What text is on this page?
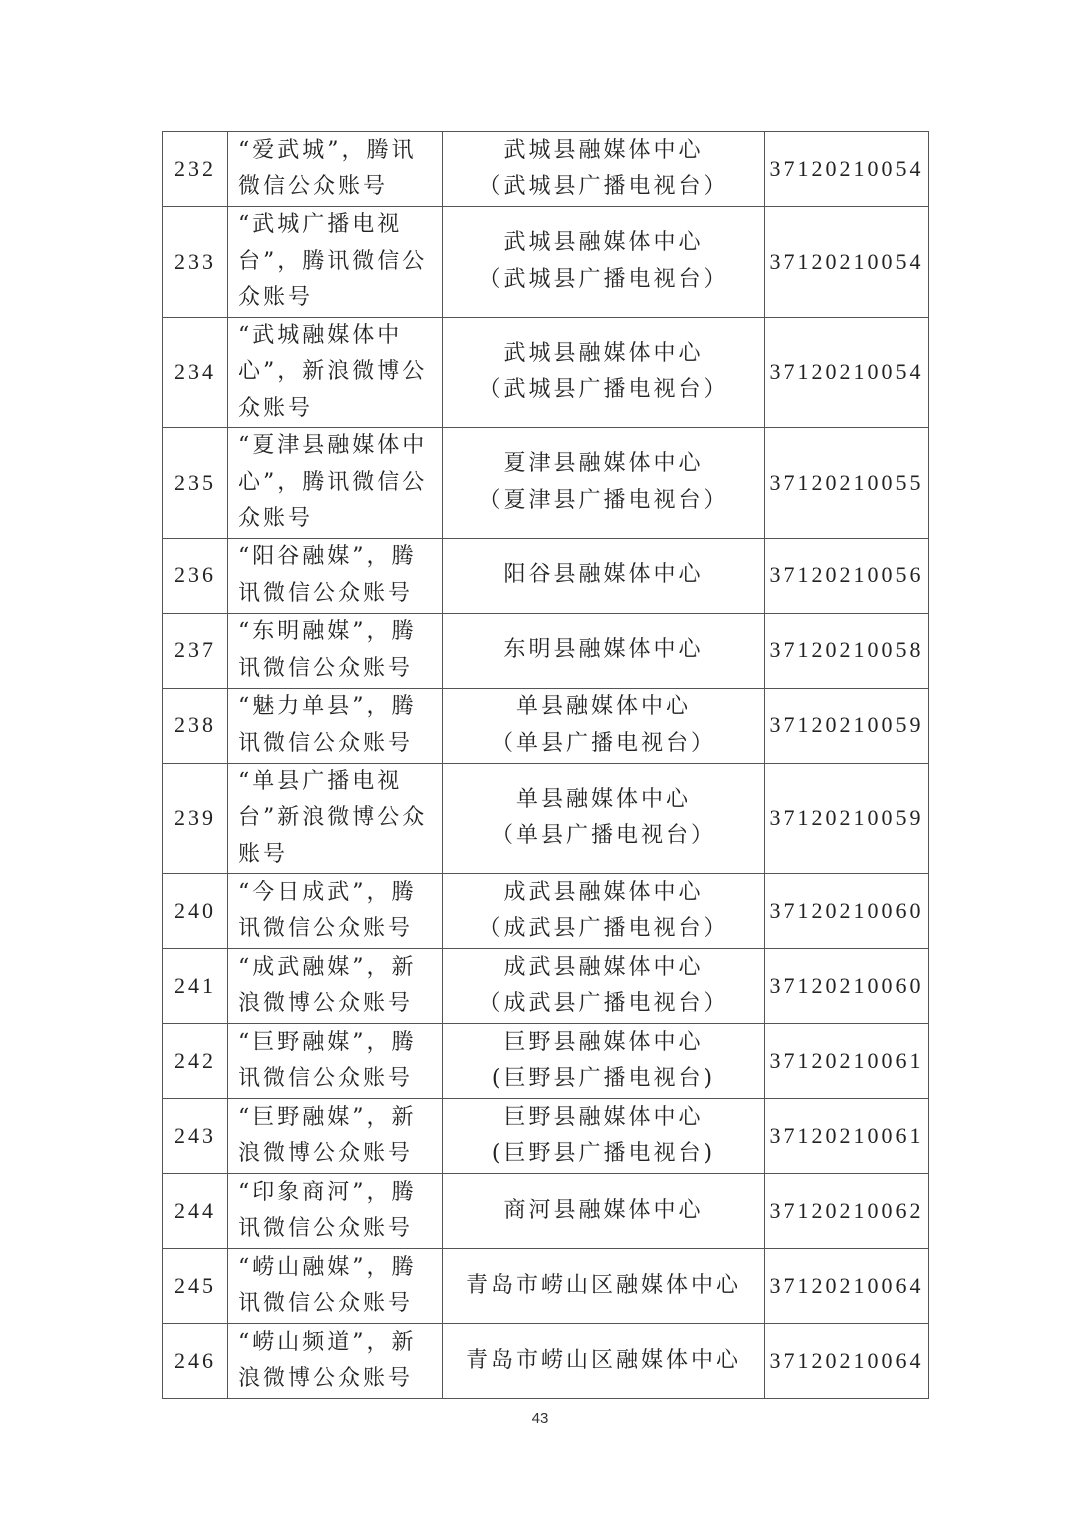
232	“爱武城”，腾讯
微信公众账号	武城县融媒体中心
（武城县广播电视台）	37120210054
233	“武城广播电视
台”，腾讯微信公
众账号	武城县融媒体中心
（武城县广播电视台）	37120210054
234	“武城融媒体中
心”，新浪微博公
众账号	武城县融媒体中心
（武城县广播电视台）	37120210054
235	“夏津县融媒体中
心”，腾讯微信公
众账号	夏津县融媒体中心
（夏津县广播电视台）	37120210055
236	“阳谷融媒”，腾
讯微信公众账号	阳谷县融媒体中心	37120210056
237	“东明融媒”，腾
讯微信公众账号	东明县融媒体中心	37120210058
238	“魅力单县”，腾
讯微信公众账号	单县融媒体中心
（单县广播电视台）	37120210059
239	“单县广播电视
台”新浪微博公众
账号	单县融媒体中心
（单县广播电视台）	37120210059
240	“今日成武”，腾
讯微信公众账号	成武县融媒体中心
（成武县广播电视台）	37120210060
241	“成武融媒”，新
浪微博公众账号	成武县融媒体中心
（成武县广播电视台）	37120210060
242	“巨野融媒”，腾
讯微信公众账号	巨野县融媒体中心
(巨野县广播电视台)	37120210061
243	“巨野融媒”，新
浪微博公众账号	巨野县融媒体中心
(巨野县广播电视台)	37120210061
244	“印象商河”，腾
讯微信公众账号	商河县融媒体中心	37120210062
245	“崂山融媒”，腾
讯微信公众账号	青岛市崂山区融媒体中心	37120210064
246	“崂山频道”，新
浪微博公众账号	青岛市崂山区融媒体中心	37120210064
43
